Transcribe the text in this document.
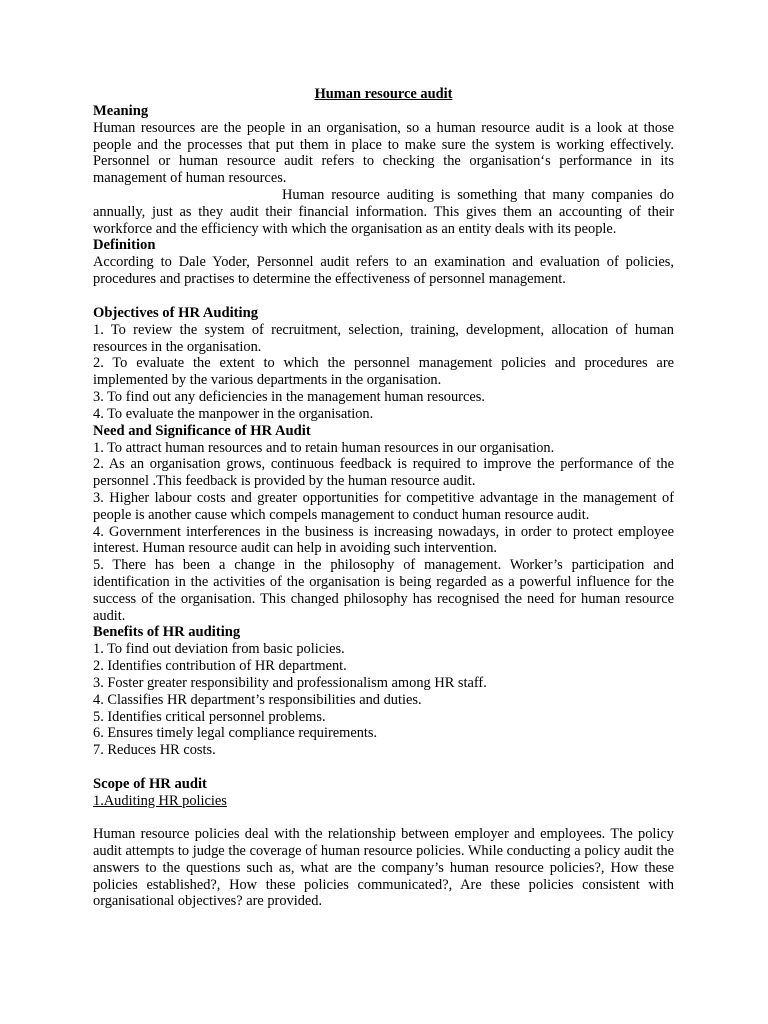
Human resource audit

Meaning

Human resources are the people in an organisation, so a human resource audit is a look at those people and the processes that put them in place to make sure the system is working effectively. Personnel or human resource audit refers to checking the organisation‘s performance in its management of human resources.

Human resource auditing is something that many companies do annually, just as they audit their financial information. This gives them an accounting of their workforce and the efficiency with which the organisation as an entity deals with its people.

Definition

According to Dale Yoder, Personnel audit refers to an examination and evaluation of policies, procedures and practises to determine the effectiveness of personnel management.

Objectives of HR Auditing
1. To review the system of recruitment, selection, training, development, allocation of human resources in the organisation.
2. To evaluate the extent to which the personnel management policies and procedures are implemented by the various departments in the organisation.
3. To find out any deficiencies in the management human resources.
4. To evaluate the manpower in the organisation.
Need and Significance of HR Audit
1. To attract human resources and to retain human resources in our organisation.
2. As an organisation grows, continuous feedback is required to improve the performance of the personnel .This feedback is provided by the human resource audit.
3. Higher labour costs and greater opportunities for competitive advantage in the management of people is another cause which compels management to conduct human resource audit.
4. Government interferences in the business is increasing nowadays, in order to protect employee interest. Human resource audit can help in avoiding such intervention.
5. There has been a change in the philosophy of management. Worker’s participation and identification in the activities of the organisation is being regarded as a powerful influence for the success of the organisation. This changed philosophy has recognised the need for human resource audit.
Benefits of HR auditing
1. To find out deviation from basic policies.
2. Identifies contribution of HR department.
3. Foster greater responsibility and professionalism among HR staff.
4. Classifies HR department’s responsibilities and duties.
5. Identifies critical personnel problems.
6. Ensures timely legal compliance requirements.
7. Reduces HR costs.
Scope of HR audit

1.Auditing HR policies

Human resource policies deal with the relationship between employer and employees. The policy audit attempts to judge the coverage of human resource policies. While conducting a policy audit the answers to the questions such as, what are the company’s human resource policies?, How these policies established?, How these policies communicated?, Are these policies consistent with organisational objectives? are provided.
